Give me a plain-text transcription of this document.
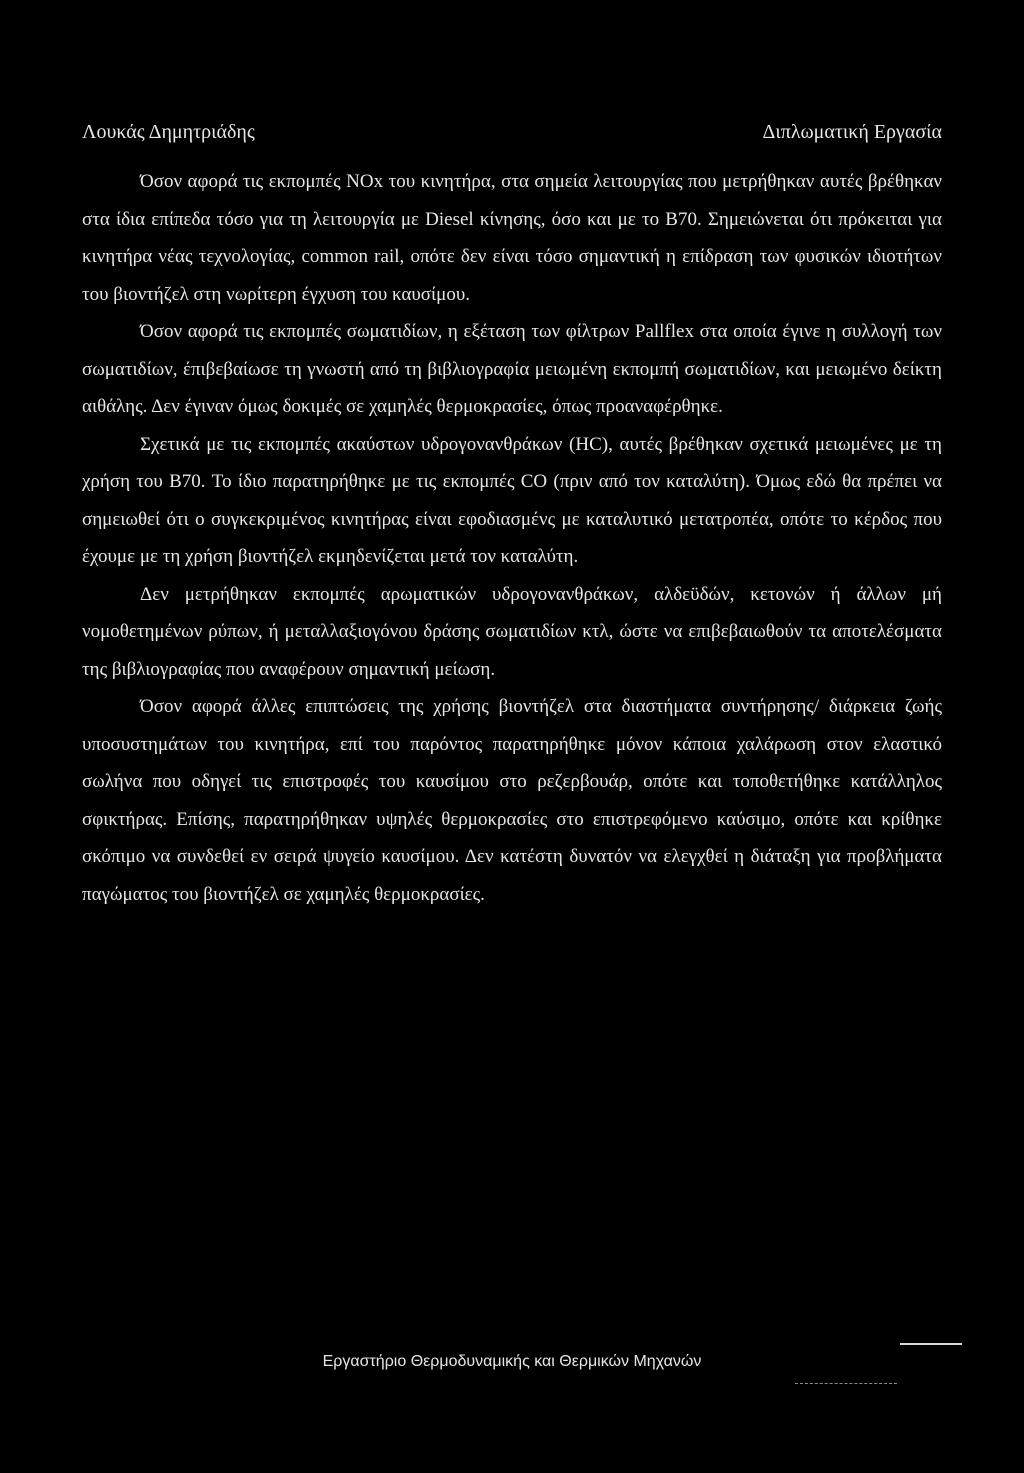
Λουκάς Δημητριάδης	Διπλωματική Εργασία

Όσον αφορά τις εκπομπές NOx του κινητήρα, στα σημεία λειτουργίας που μετρήθηκαν αυτές βρέθηκαν στα ίδια επίπεδα τόσο για τη λειτουργία με Diesel κίνησης, όσο και με το B70. Σημειώνεται ότι πρόκειται για κινητήρα νέας τεχνολογίας, common rail, οπότε δεν είναι τόσο σημαντική η επίδραση των φυσικών ιδιοτήτων του βιοντήζελ στη νωρίτερη έγχυση του καυσίμου.

Όσον αφορά τις εκπομπές σωματιδίων, η εξέταση των φίλτρων Pallflex στα οποία έγινε η συλλογή των σωματιδίων, έπιβεβαίωσε τη γνωστή από τη βιβλιογραφία μειωμένη εκπομπή σωματιδίων, και μειωμένο δείκτη αιθάλης. Δεν έγιναν όμως δοκιμές σε χαμηλές θερμοκρασίες, όπως προαναφέρθηκε.

Σχετικά με τις εκπομπές ακαύστων υδρογονανθράκων (HC), αυτές βρέθηκαν σχετικά μειωμένες με τη χρήση του B70. Το ίδιο παρατηρήθηκε με τις εκπομπές CO (πριν από τον καταλύτη). Όμως εδώ θα πρέπει να σημειωθεί ότι ο συγκεκριμένος κινητήρας είναι εφοδιασμένς με καταλυτικό μετατροπέα, οπότε το κέρδος που έχουμε με τη χρήση βιοντήζελ εκμηδενίζεται μετά τον καταλύτη.

Δεν μετρήθηκαν εκπομπές αρωματικών υδρογονανθράκων, αλδεϋδών, κετονών ή άλλων μή νομοθετημένων ρύπων, ή μεταλλαξιογόνου δράσης σωματιδίων κτλ, ώστε να επιβεβαιωθούν τα αποτελέσματα της βιβλιογραφίας που αναφέρουν σημαντική μείωση.

Όσον αφορά άλλες επιπτώσεις της χρήσης βιοντήζελ στα διαστήματα συντήρησης/ διάρκεια ζωής υποσυστημάτων του κινητήρα, επί του παρόντος παρατηρήθηκε μόνον κάποια χαλάρωση στον ελαστικό σωλήνα που οδηγεί τις επιστροφές του καυσίμου στο ρεζερβουάρ, οπότε και τοποθετήθηκε κατάλληλος σφικτήρας. Επίσης, παρατηρήθηκαν υψηλές θερμοκρασίες στο επιστρεφόμενο καύσιμο, οπότε και κρίθηκε σκόπιμο να συνδεθεί εν σειρά ψυγείο καυσίμου. Δεν κατέστη δυνατόν να ελεγχθεί η διάταξη για προβλήματα παγώματος του βιοντήζελ σε χαμηλές θερμοκρασίες.

Εργαστήριο Θερμοδυναμικής και Θερμικών Μηχανών
